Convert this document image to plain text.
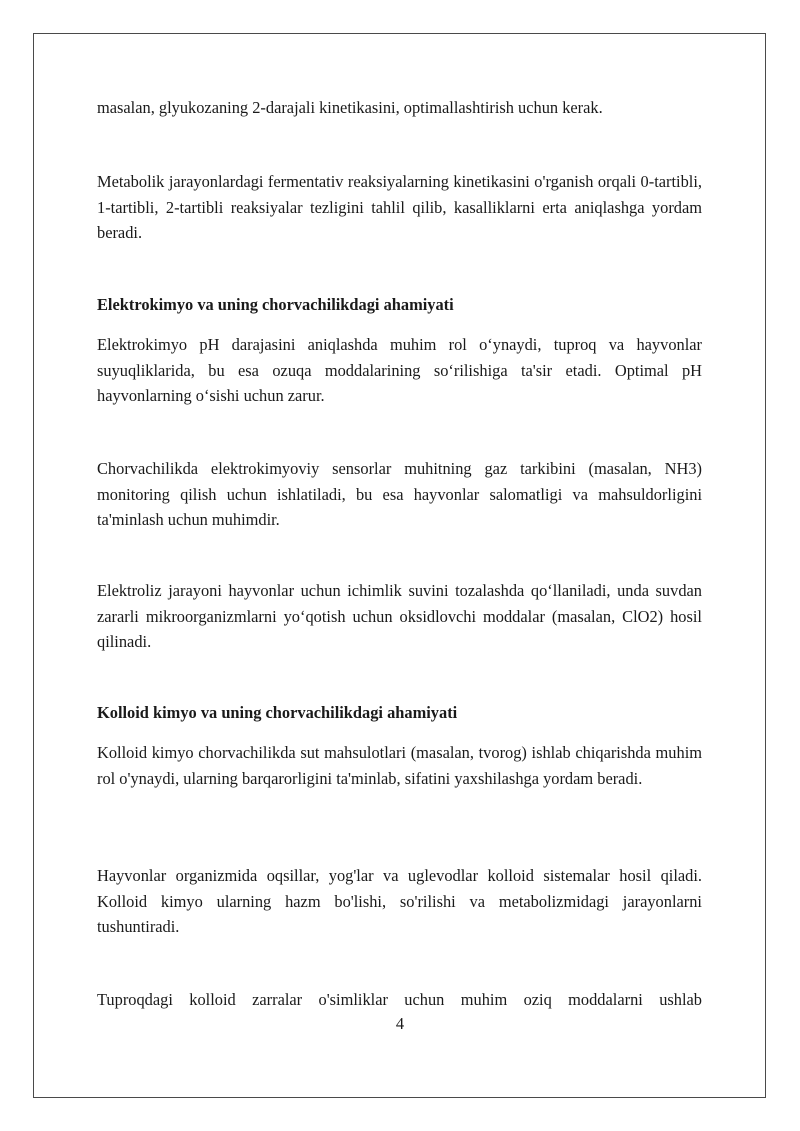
masalan, glyukozaning 2-darajali kinetikasini, optimallashtirish uchun kerak.

Metabolik jarayonlardagi fermentativ reaksiyalarning kinetikasini o'rganish orqali 0-tartibli, 1-tartibli, 2-tartibli reaksiyalar tezligini tahlil qilib, kasalliklarni erta aniqlashga yordam beradi.

Elektrokimyo va uning chorvachilikdagi ahamiyati

Elektrokimyo pH darajasini aniqlashda muhim rol o‘ynaydi, tuproq va hayvonlar suyuqliklarida, bu esa ozuqa moddalarining so‘rilishiga ta'sir etadi. Optimal pH hayvonlarning o‘sishi uchun zarur.

Chorvachilikda elektrokimyoviy sensorlar muhitning gaz tarkibini (masalan, NH3) monitoring qilish uchun ishlatiladi, bu esa hayvonlar salomatligi va mahsuldorligini ta'minlash uchun muhimdir.

Elektroliz jarayoni hayvonlar uchun ichimlik suvini tozalashda qo‘llaniladi, unda suvdan zararli mikroorganizmlarni yo‘qotish uchun oksidlovchi moddalar (masalan, ClO2) hosil qilinadi.

Kolloid kimyo va uning chorvachilikdagi ahamiyati

Kolloid kimyo chorvachilikda sut mahsulotlari (masalan, tvorog) ishlab chiqarishda muhim rol o'ynaydi, ularning barqarorligini ta'minlab, sifatini yaxshilashga yordam beradi.

Hayvonlar organizmida oqsillar, yog'lar va uglevodlar kolloid sistemalar hosil qiladi. Kolloid kimyo ularning hazm bo'lishi, so'rilishi va metabolizmidagi jarayonlarni tushuntiradi.

Tuproqdagi kolloid zarralar o'simliklar uchun muhim oziq moddalarni ushlab

4
